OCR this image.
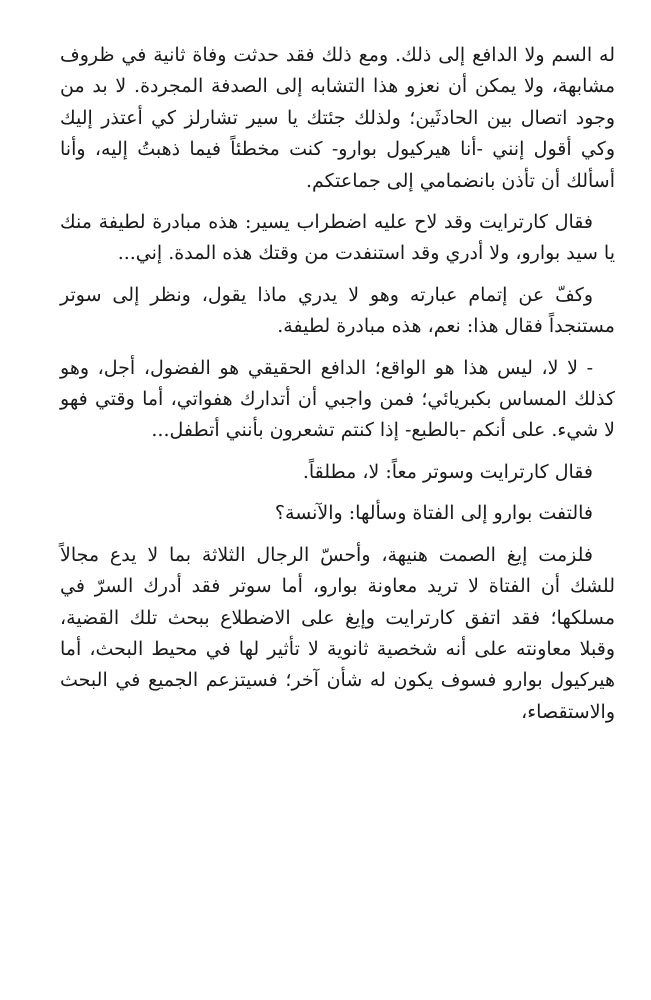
له السم ولا الدافع إلى ذلك. ومع ذلك فقد حدثت وفاة ثانية في ظروف مشابهة، ولا يمكن أن نعزو هذا التشابه إلى الصدفة المجردة. لا بد من وجود اتصال بين الحادثَين؛ ولذلك جئتك يا سير تشارلز كي أعتذر إليك وكي أقول إنني -أنا هيركيول بوارو- كنت مخطئاً فيما ذهبتُ إليه، وأنا أسألك أن تأذن بانضمامي إلى جماعتكم.

فقال كارترايت وقد لاح عليه اضطراب يسير: هذه مبادرة لطيفة منك يا سيد بوارو، ولا أدري وقد استنفدت من وقتك هذه المدة. إني...

وكفّ عن إتمام عبارته وهو لا يدري ماذا يقول، ونظر إلى سوتر مستنجداً فقال هذا: نعم، هذه مبادرة لطيفة.

- لا لا، ليس هذا هو الواقع؛ الدافع الحقيقي هو الفضول، أجل، وهو كذلك المساس بكبريائي؛ فمن واجبي أن أتدارك هفواتي، أما وقتي فهو لا شيء. على أنكم -بالطبع- إذا كنتم تشعرون بأنني أتطفل...

فقال كارترايت وسوتر معاً: لا، مطلقاً.

فالتفت بوارو إلى الفتاة وسألها: والآنسة؟

فلزمت إيغ الصمت هنيهة، وأحسّ الرجال الثلاثة بما لا يدع مجالاً للشك أن الفتاة لا تريد معاونة بوارو، أما سوتر فقد أدرك السرّ في مسلكها؛ فقد اتفق كارترايت وإيغ على الاضطلاع ببحث تلك القضية، وقبلا معاونته على أنه شخصية ثانوية لا تأثير لها في محيط البحث، أما هيركيول بوارو فسوف يكون له شأن آخر؛ فسيتزعم الجميع في البحث والاستقصاء،
